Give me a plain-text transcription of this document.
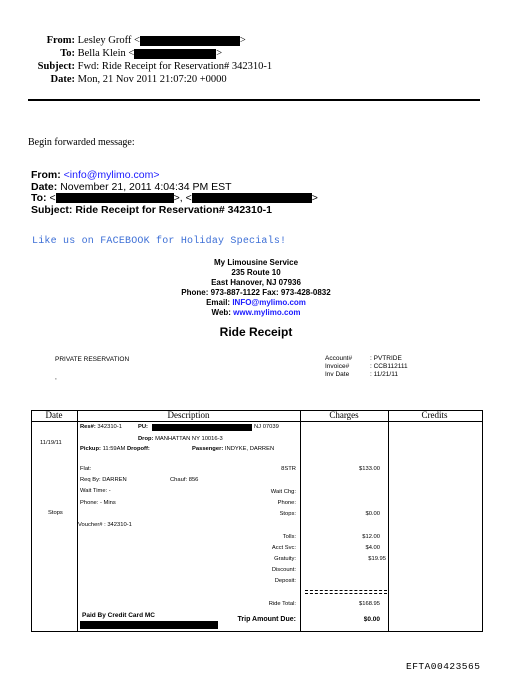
From: Lesley Groff <	>
To: Bella Klein <	>
Subject: Fwd: Ride Receipt for Reservation# 342310-1
Date: Mon, 21 Nov 2011 21:07:20 +0000
Begin forwarded message:
From: <info@mylimo.com>
Date: November 21, 2011 4:04:34 PM EST
To: <	>, <	>
Subject: Ride Receipt for Reservation# 342310-1
Like us on FACEBOOK for Holiday Specials!
My Limousine Service
235 Route 10
East Hanover, NJ 07936
Phone: 973-887-1122 Fax: 973-428-0832
Email: INFO@mylimo.com
Web: www.mylimo.com
Ride Receipt
PRIVATE RESERVATION
,
Account#	: PVTRIDE
Invoice#	: CCB112111
Inv Date	: 11/21/11
Date	Description	Charges	Credits
11/19/11
Stops
Res#: 342310-1	PU:	NJ 07039
Drop: MANHATTAN NY 10016-3
Pickup: 11:59AM Dropoff:	Passenger: INDYKE, DARREN
Flat:	8STR	$133.00
Req By: DARREN	Chauf: 856
Wait Time: -	Wait Chg:
Phone: - Mins	Phone:
Stops:	$0.00
Voucher# : 342310-1
Tolls:	$12.00
Acct Svc:	$4.00
Gratuity:	$19.95
Discount:
Deposit:
Ride Total:	$168.95
Paid By Credit Card MC
Trip Amount Due:	$0.00
EFTA00423565
